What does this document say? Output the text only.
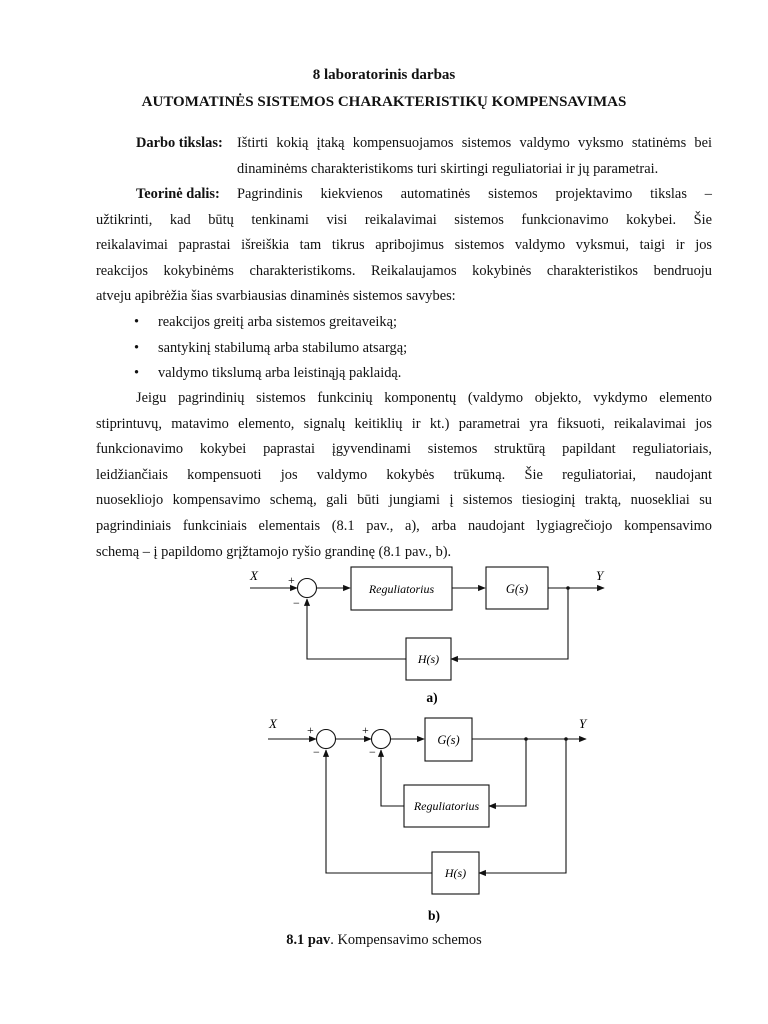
8 laboratorinis darbas
AUTOMATINĖS SISTEMOS CHARAKTERISTIKŲ KOMPENSAVIMAS
Darbo tikslas: Ištirti kokią įtaką kompensuojamos sistemos valdymo vyksmo statinėms bei
dinaminėms charakteristikoms turi skirtingi reguliatoriai ir jų parametrai.
Teorinė dalis: Pagrindinis kiekvienos automatinės sistemos projektavimo tikslas –
užtikrinti, kad būtų tenkinami visi reikalavimai sistemos funkcionavimo kokybei. Šie
reikalavimai paprastai išreiškia tam tikrus apribojimus sistemos valdymo vyksmui, taigi ir jos
reakcijos kokybinėms charakteristikoms. Reikalaujamos kokybinės charakteristikos bendruoju
atveju apibrėžia šias svarbiausias dinaminės sistemos savybes:
• reakcijos greitį arba sistemos greitaveiką;
• santykinį stabilumą arba stabilumo atsargą;
• valdymo tikslumą arba leistinąją paklaidą.
Jeigu pagrindinių sistemos funkcinių komponentų (valdymo objekto, vykdymo elemento
stiprintuvų, matavimo elemento, signalų keitiklių ir kt.) parametrai yra fiksuoti, reikalavimai jos
funkcionavimo kokybei paprastai įgyvendinami sistemos struktūrą papildant reguliatoriais,
leidžiančiais kompensuoti jos valdymo kokybės trūkumą. Šie reguliatoriai, naudojant
nuosekliojo kompensavimo schemą, gali būti jungiami į sistemos tiesioginį traktą, nuosekliai su
pagrindiniais funkciniais elementais (8.1 pav., a), arba naudojant lygiagrečiojo kompensavimo
schemą – į papildomo grįžtamojo ryšio grandinę (8.1 pav., b).
X	Y
+
−
Reguliatorius	G(s)
H(s)
a)
X	Y
+
−
+
−
G(s)
Reguliatorius
H(s)
b)
8.1 pav. Kompensavimo schemos
